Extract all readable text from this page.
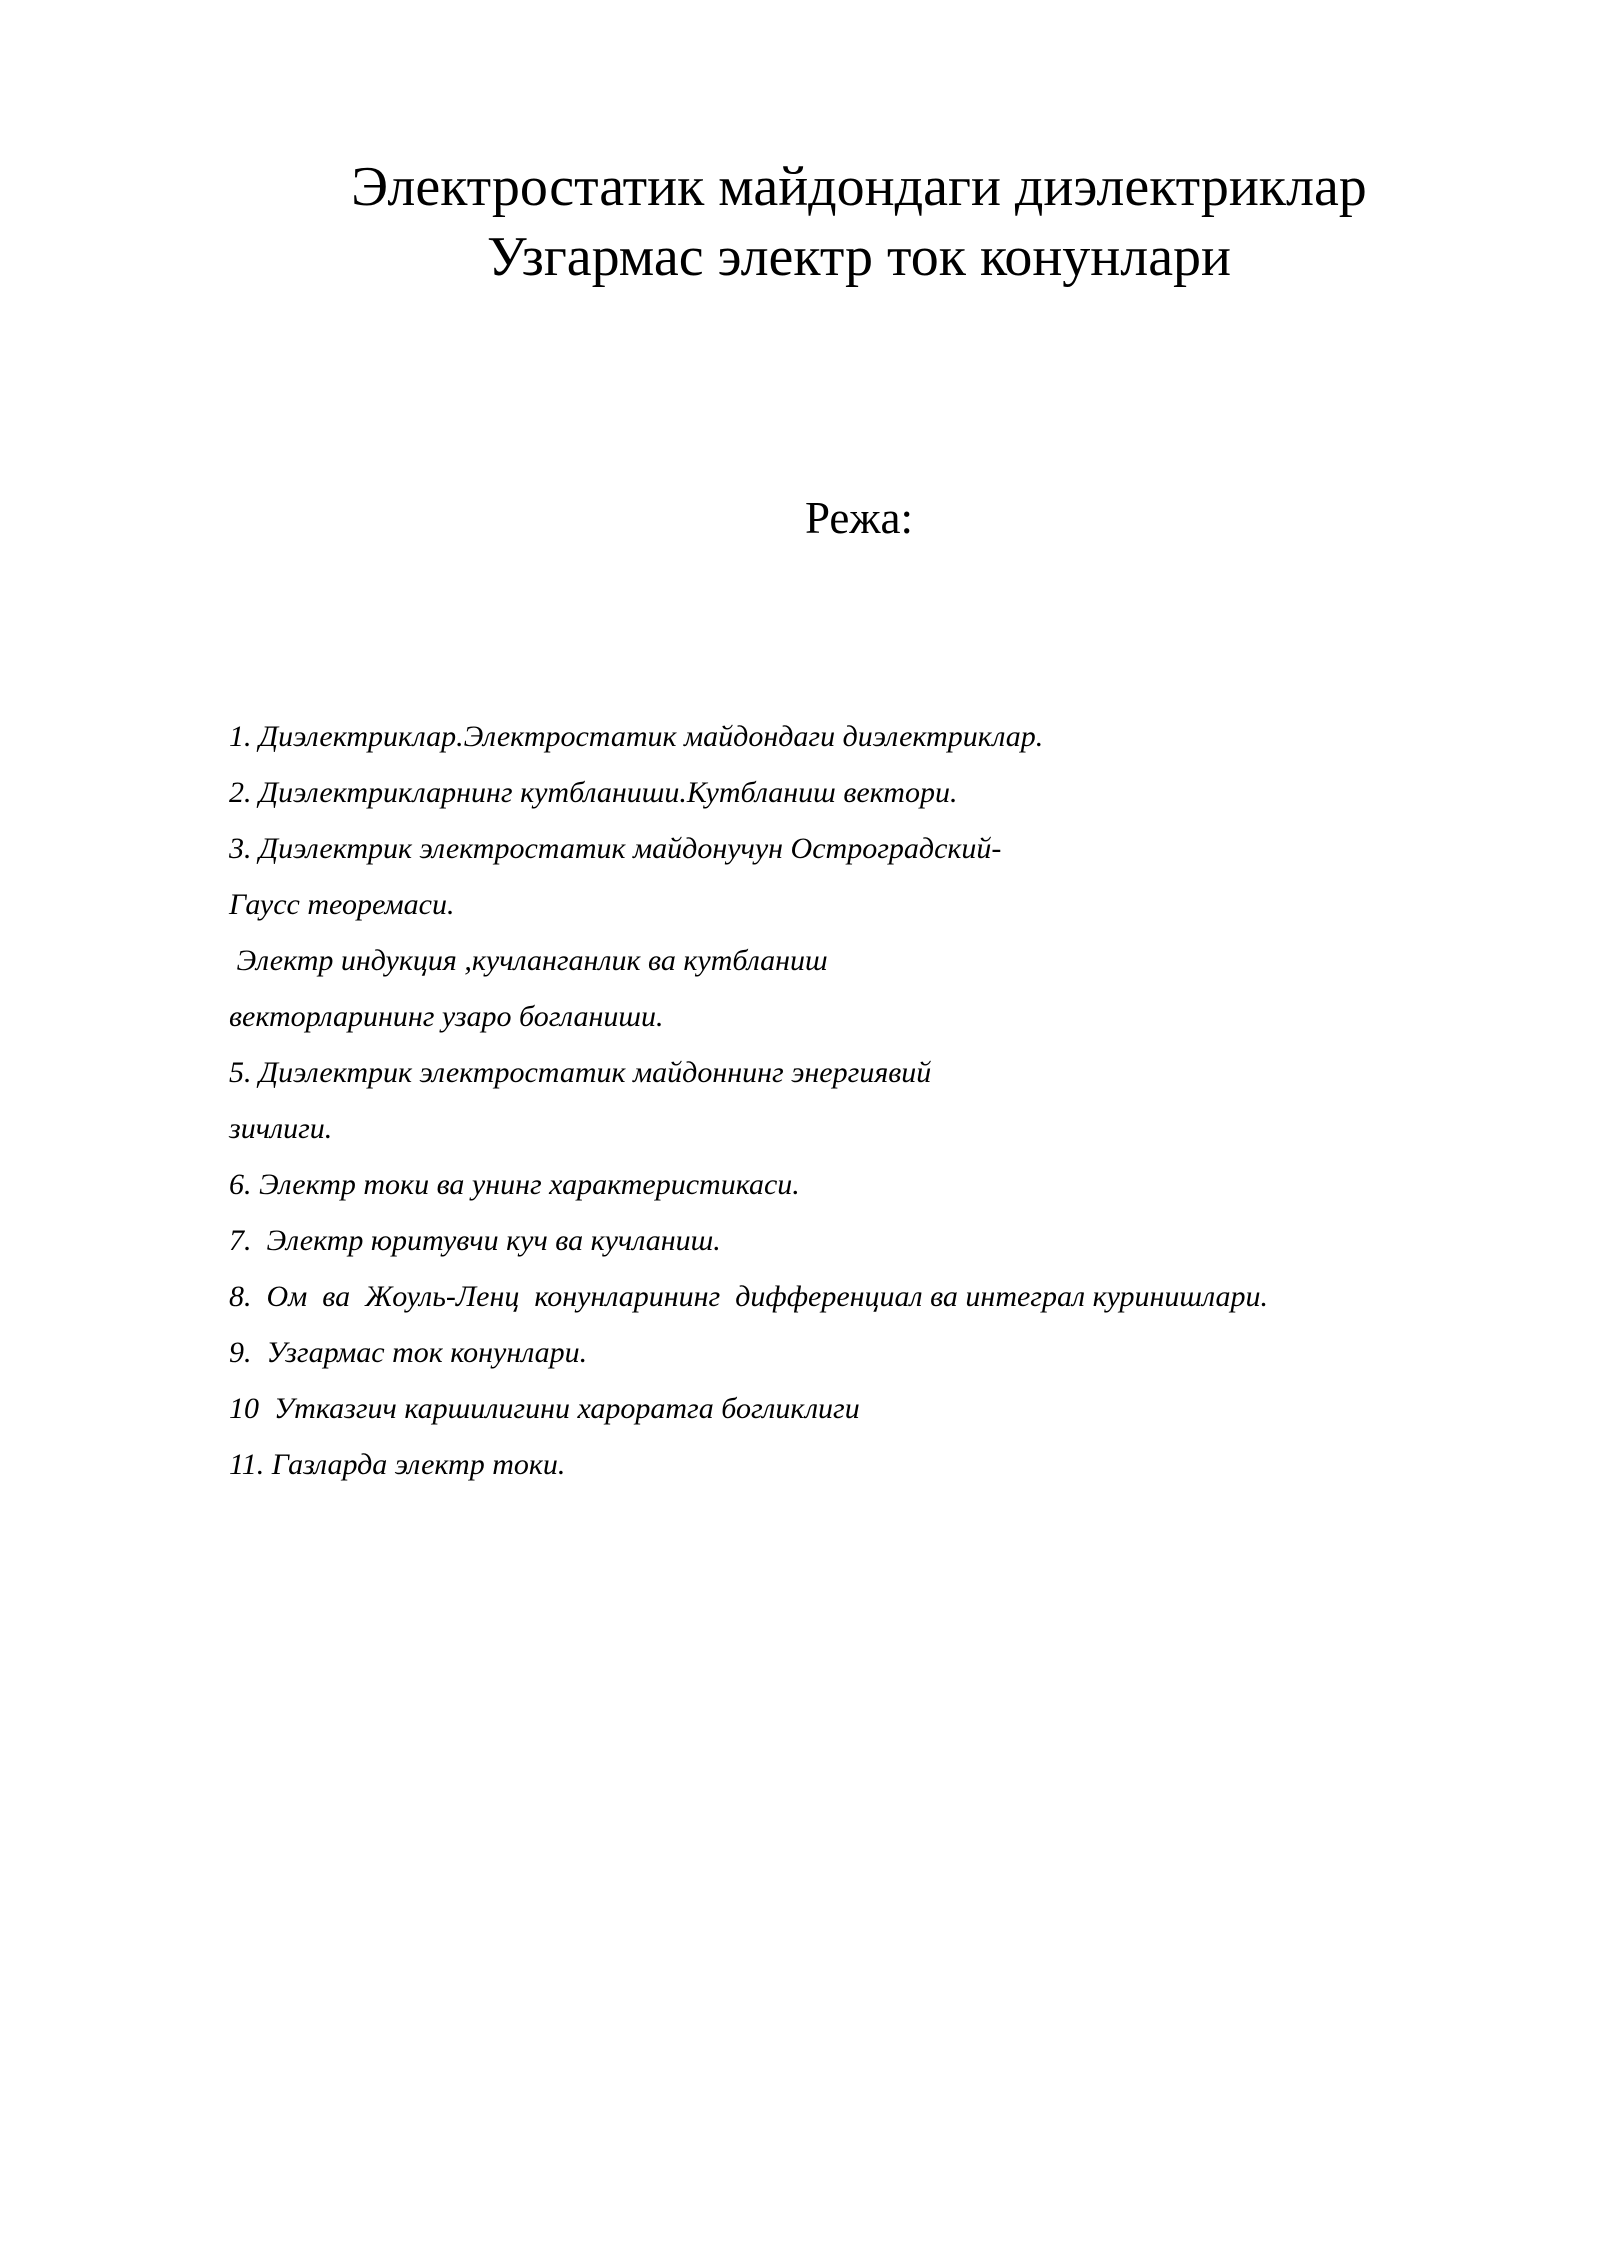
Электростатик майдондаги диэлектриклар
Узгармас электр ток конунлари
Режа:
1. Диэлектриклар.Электростатик майдондаги диэлектриклар.
2. Диэлектрикларнинг кутбланиши.Кутбланиш вектори.
3. Диэлектрик электростатик майдонучун Остроградский-
Гаусс теоремаси.
Электр индукция ,кучланганлик ва кутбланиш
векторларининг узаро богланиши.
5. Диэлектрик электростатик майдоннинг энергиявий
зичлиги.
6. Электр токи ва унинг характеристикаси.
7.  Электр юритувчи куч ва кучланиш.
8.  Ом  ва  Жоуль-Ленц  конунларининг  дифференциал ва интеграл куринишлари.
9.  Узгармас ток конунлари.
10  Утказгич каршилигини хароратга богликлиги
11. Газларда электр токи.
